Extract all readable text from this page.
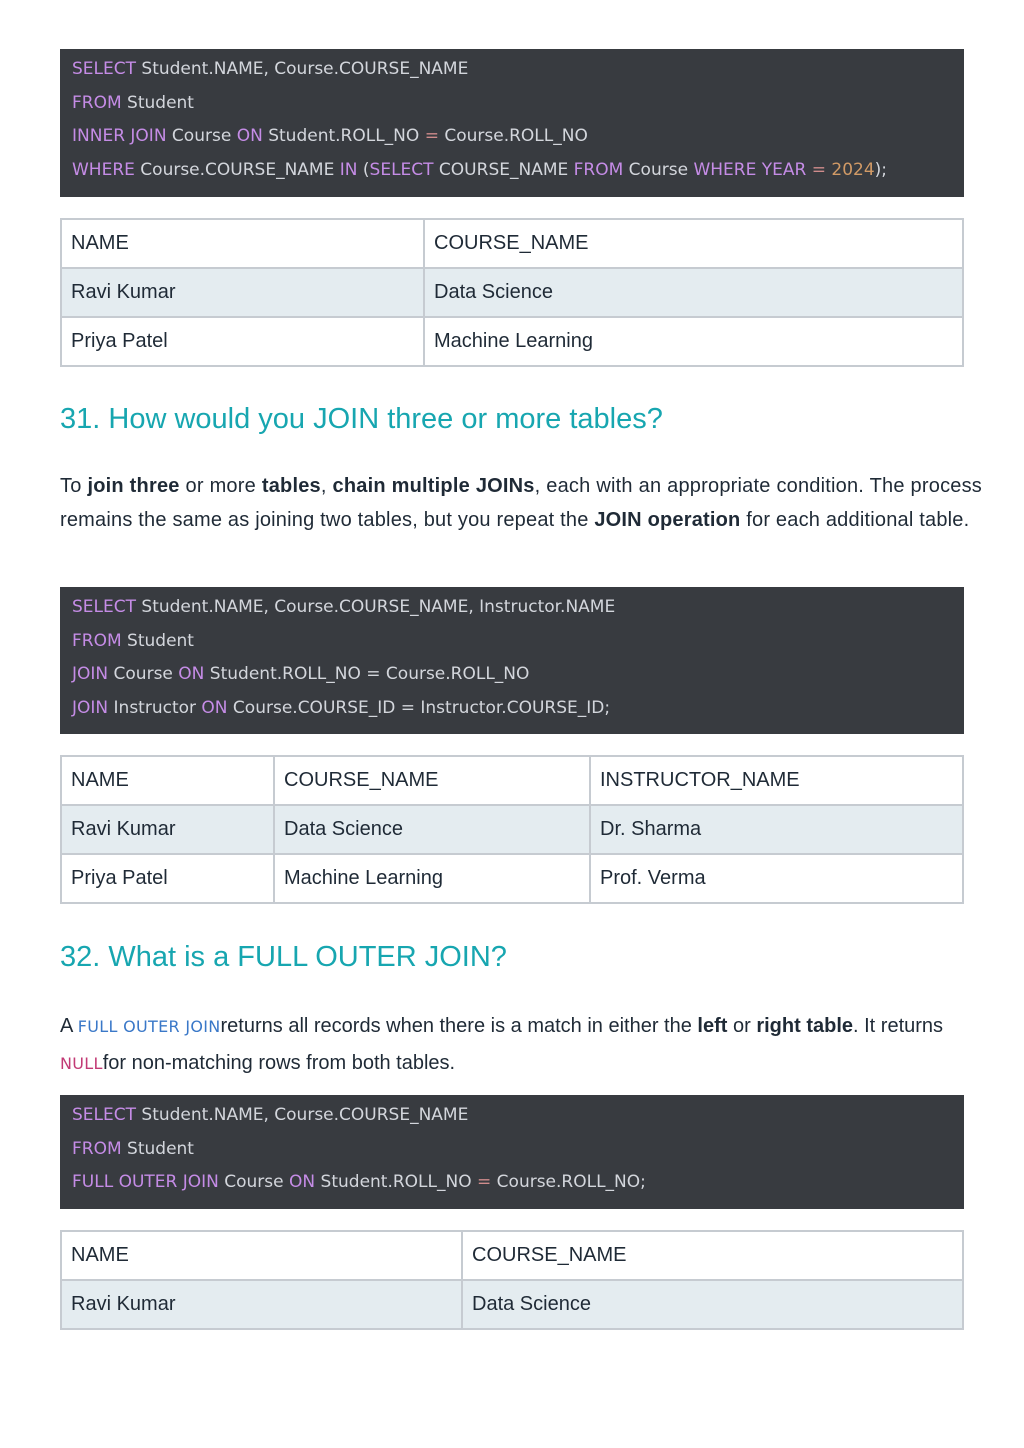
SELECT Student.NAME, Course.COURSE_NAME
FROM Student
INNER JOIN Course ON Student.ROLL_NO = Course.ROLL_NO
WHERE Course.COURSE_NAME IN (SELECT COURSE_NAME FROM Course WHERE YEAR = 2024);
NAME	COURSE_NAME
Ravi Kumar	Data Science
Priya Patel	Machine Learning
31. How would you JOIN three or more tables?

To join three or more tables, chain multiple JOINs, each with an appropriate condition. The process remains the same as joining two tables, but you repeat the JOIN operation for each additional table.

SELECT Student.NAME, Course.COURSE_NAME, Instructor.NAME
FROM Student
JOIN Course ON Student.ROLL_NO = Course.ROLL_NO
JOIN Instructor ON Course.COURSE_ID = Instructor.COURSE_ID;
NAME	COURSE_NAME	INSTRUCTOR_NAME
Ravi Kumar	Data Science	Dr. Sharma
Priya Patel	Machine Learning	Prof. Verma
32. What is a FULL OUTER JOIN?

A FULL OUTER JOINreturns all records when there is a match in either the left or right table. It returns NULLfor non-matching rows from both tables.

SELECT Student.NAME, Course.COURSE_NAME
FROM Student
FULL OUTER JOIN Course ON Student.ROLL_NO = Course.ROLL_NO;
NAME	COURSE_NAME
Ravi Kumar	Data Science
